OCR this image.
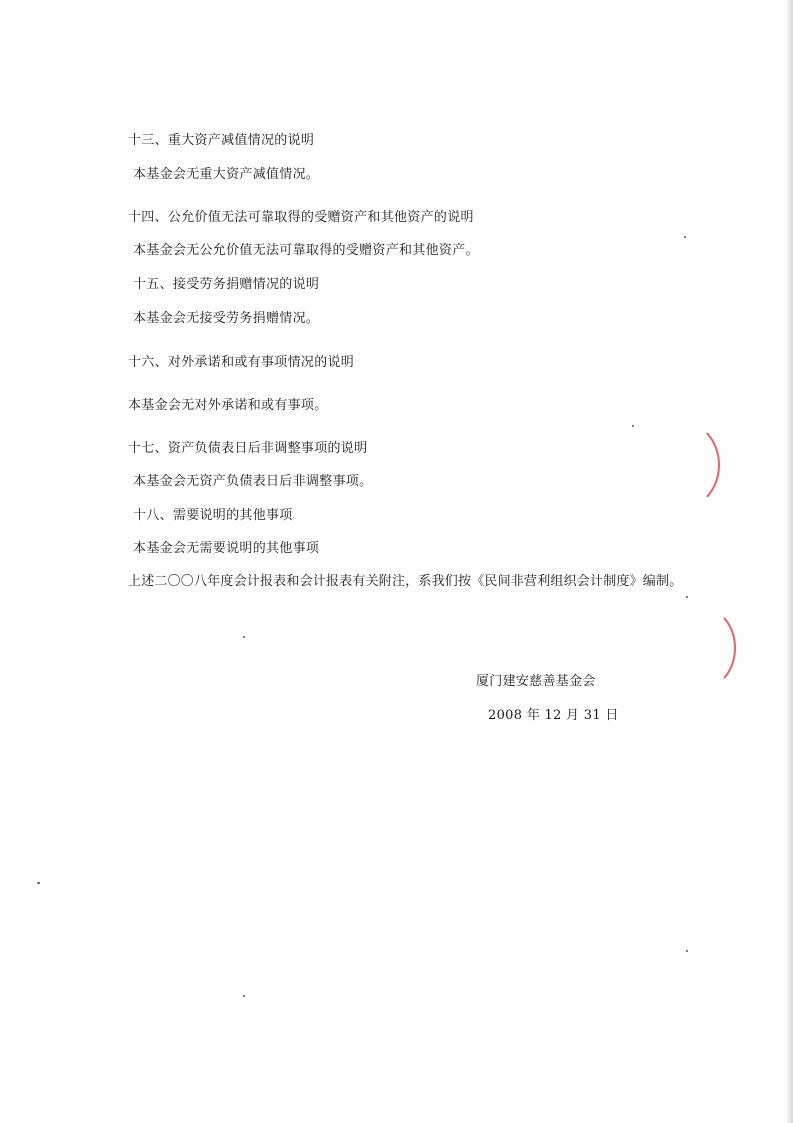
十三、重大资产减值情况的说明
本基金会无重大资产减值情况。
十四、公允价值无法可靠取得的受赠资产和其他资产的说明
本基金会无公允价值无法可靠取得的受赠资产和其他资产。
十五、接受劳务捐赠情况的说明
本基金会无接受劳务捐赠情况。
十六、对外承诺和或有事项情况的说明
本基金会无对外承诺和或有事项。
十七、资产负债表日后非调整事项的说明
本基金会无资产负债表日后非调整事项。
十八、需要说明的其他事项
本基金会无需要说明的其他事项
上述二〇〇八年度会计报表和会计报表有关附注，系我们按《民间非营利组织会计制度》编制。
厦门建安慈善基金会
2008 年 12 月 31 日
